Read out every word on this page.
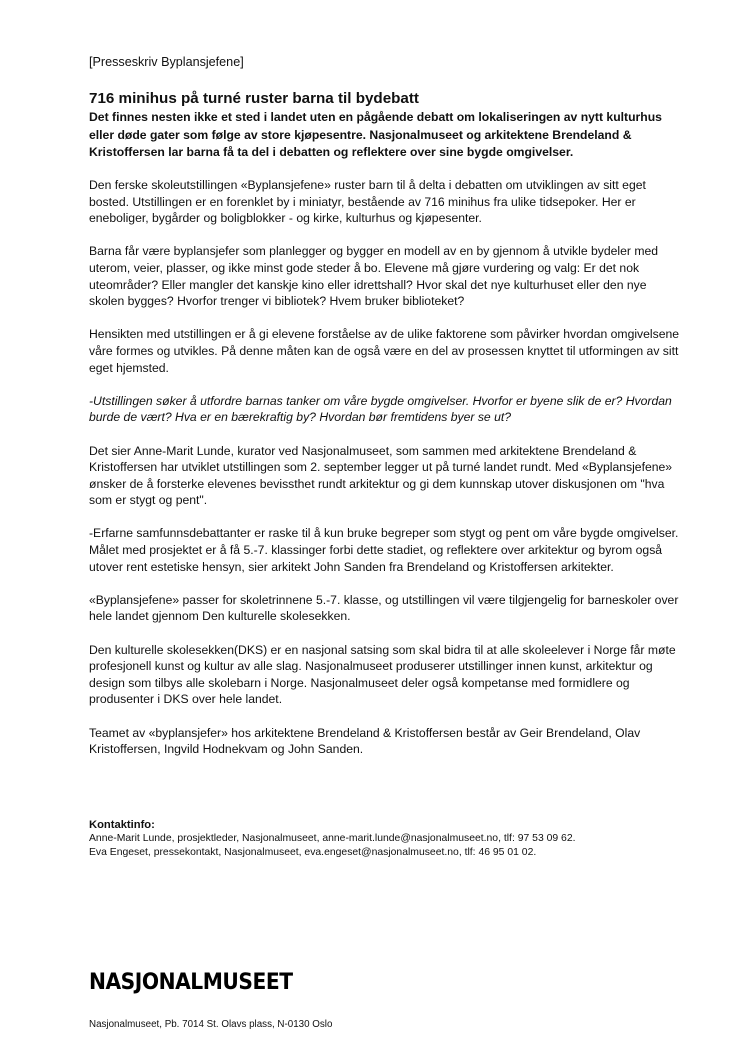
[Presseskriv Byplansjefene]
716 minihus på turné ruster barna til bydebatt

Det finnes nesten ikke et sted i landet uten en pågående debatt om lokaliseringen av nytt kulturhus eller døde gater som følge av store kjøpesentre. Nasjonalmuseet og arkitektene Brendeland & Kristoffersen lar barna få ta del i debatten og reflektere over sine bygde omgivelser.

Den ferske skoleutstillingen «Byplansjefene» ruster barn til å delta i debatten om utviklingen av sitt eget bosted. Utstillingen er en forenklet by i miniatyr, bestående av 716 minihus fra ulike tidsepoker. Her er eneboliger, bygårder og boligblokker - og kirke, kulturhus og kjøpesenter.

Barna får være byplansjefer som planlegger og bygger en modell av en by gjennom å utvikle bydeler med uterom, veier, plasser, og ikke minst gode steder å bo. Elevene må gjøre vurdering og valg: Er det nok uteområder? Eller mangler det kanskje kino eller idrettshall? Hvor skal det nye kulturhuset eller den nye skolen bygges? Hvorfor trenger vi bibliotek? Hvem bruker biblioteket?

Hensikten med utstillingen er å gi elevene forståelse av de ulike faktorene som påvirker hvordan omgivelsene våre formes og utvikles. På denne måten kan de også være en del av prosessen knyttet til utformingen av sitt eget hjemsted.

-Utstillingen søker å utfordre barnas tanker om våre bygde omgivelser. Hvorfor er byene slik de er? Hvordan burde de vært? Hva er en bærekraftig by? Hvordan bør fremtidens byer se ut?

Det sier Anne-Marit Lunde, kurator ved Nasjonalmuseet, som sammen med arkitektene Brendeland & Kristoffersen har utviklet utstillingen som 2. september legger ut på turné landet rundt. Med «Byplansjefene» ønsker de å forsterke elevenes bevissthet rundt arkitektur og gi dem kunnskap utover diskusjonen om "hva som er stygt og pent".

-Erfarne samfunnsdebattanter er raske til å kun bruke begreper som stygt og pent om våre bygde omgivelser. Målet med prosjektet er å få 5.-7. klassinger forbi dette stadiet, og reflektere over arkitektur og byrom også utover rent estetiske hensyn, sier arkitekt John Sanden fra Brendeland og Kristoffersen arkitekter.

«Byplansjefene» passer for skoletrinnene 5.-7. klasse, og utstillingen vil være tilgjengelig for barneskoler over hele landet gjennom Den kulturelle skolesekken.

Den kulturelle skolesekken(DKS) er en nasjonal satsing som skal bidra til at alle skoleelever i Norge får møte profesjonell kunst og kultur av alle slag. Nasjonalmuseet produserer utstillinger innen kunst, arkitektur og design som tilbys alle skolebarn i Norge. Nasjonalmuseet deler også kompetanse med formidlere og produsenter i DKS over hele landet.

Teamet av «byplansjefer» hos arkitektene Brendeland & Kristoffersen består av Geir Brendeland, Olav Kristoffersen, Ingvild Hodnekvam og John Sanden.

Kontaktinfo:

Anne-Marit Lunde, prosjektleder, Nasjonalmuseet, anne-marit.lunde@nasjonalmuseet.no, tlf: 97 53 09 62.

Eva Engeset, pressekontakt, Nasjonalmuseet, eva.engeset@nasjonalmuseet.no, tlf: 46 95 01 02.

NASJONALMUSEET
Nasjonalmuseet, Pb. 7014 St. Olavs plass, N-0130 Oslo
